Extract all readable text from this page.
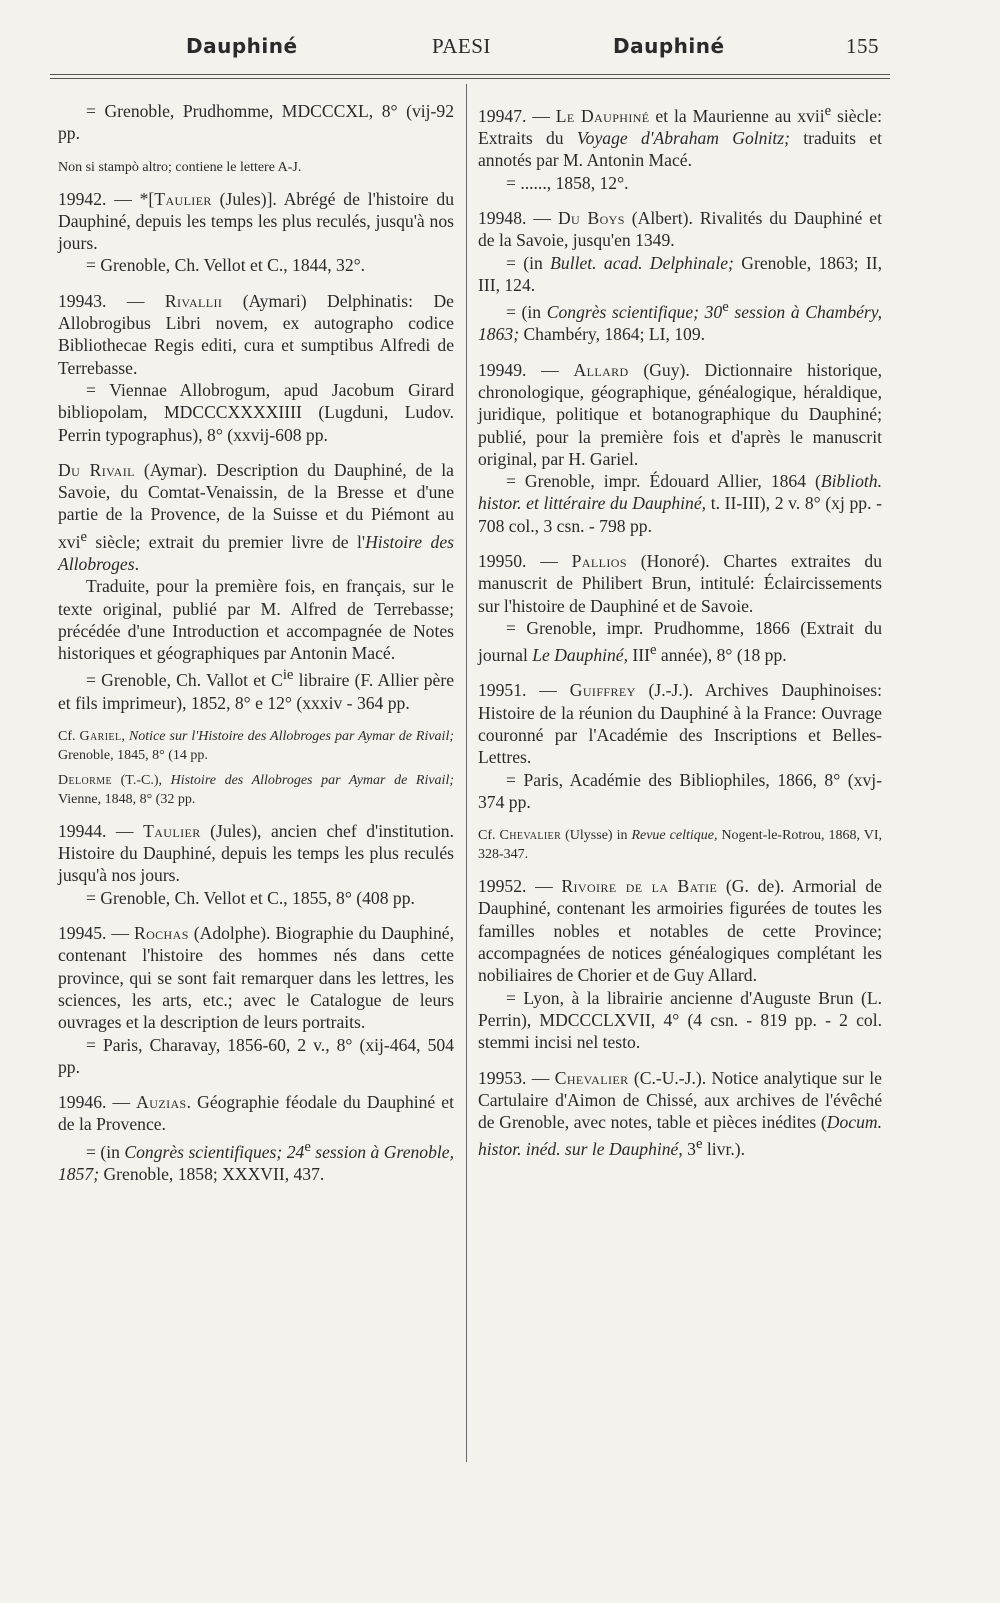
Dauphiné	PAESI	Dauphiné	155

= Grenoble, Prudhomme, MDCCCXL, 8° (vij-92 pp.

Non si stampò altro; contiene le lettere A-J.

19942. — *[Taulier (Jules)]. Abrégé de l'histoire du Dauphiné, depuis les temps les plus reculés, jusqu'à nos jours.

= Grenoble, Ch. Vellot et C., 1844, 32°.

19943. — Rivallii (Aymari) Delphinatis: De Allobrogibus Libri novem, ex autographo codice Bibliothecae Regis editi, cura et sumptibus Alfredi de Terrebasse.

= Viennae Allobrogum, apud Jacobum Girard bibliopolam, MDCCCXXXXIIII (Lugduni, Ludov. Perrin typographus), 8° (xxvij-608 pp.

Du Rivail (Aymar). Description du Dauphiné, de la Savoie, du Comtat-Venaissin, de la Bresse et d'une partie de la Provence, de la Suisse et du Piémont au xvi$^e$ siècle; extrait du premier livre de l'Histoire des Allobroges.

Traduite, pour la première fois, en français, sur le texte original, publié par M. Alfred de Terrebasse; précédée d'une Introduction et accompagnée de Notes historiques et géographiques par Antonin Macé.

= Grenoble, Ch. Vallot et $C^{ie}$ libraire (F. Allier père et fils imprimeur), 1852, 8° e 12° (xxxiv - 364 pp.

Cf. Gariel, Notice sur l'Histoire des Allobroges par Aymar de Rivail; Grenoble, 1845, 8° (14 pp.

Delorme (T.-C.), Histoire des Allobroges par Aymar de Rivail; Vienne, 1848, 8° (32 pp.

19944. — Taulier (Jules), ancien chef d'institution. Histoire du Dauphiné, depuis les temps les plus reculés jusqu'à nos jours.

= Grenoble, Ch. Vellot et C., 1855, 8° (408 pp.

19945. — Rochas (Adolphe). Biographie du Dauphiné, contenant l'histoire des hommes nés dans cette province, qui se sont fait remarquer dans les lettres, les sciences, les arts, etc.; avec le Catalogue de leurs ouvrages et la description de leurs portraits.

= Paris, Charavay, 1856-60, 2 v., 8° (xij-464, 504 pp.

19946. — Auzias. Géographie féodale du Dauphiné et de la Provence.

= (in Congrès scientifiques; 24e session à Grenoble, 1857; Grenoble, 1858; XXXVII, 437.

19947. — Le Dauphiné et la Maurienne au xvii$^e$ siècle: Extraits du Voyage d'Abraham Golnitz; traduits et annotés par M. Antonin Macé.

= ......, 1858, 12°.

19948. — Du Boys (Albert). Rivalités du Dauphiné et de la Savoie, jusqu'en 1349.

= (in Bullet. acad. Delphinale; Grenoble, 1863; II, III, 124.

= (in Congrès scientifique; 30e session à Chambéry, 1863; Chambéry, 1864; LI, 109.

19949. — Allard (Guy). Dictionnaire historique, chronologique, géographique, généalogique, héraldique, juridique, politique et botanographique du Dauphiné; publié, pour la première fois et d'après le manuscrit original, par H. Gariel.

= Grenoble, impr. Édouard Allier, 1864 (Biblioth. histor. et littéraire du Dauphiné, t. II-III), 2 v. 8° (xj pp. - 708 col., 3 csn. - 798 pp.

19950. — Pallios (Honoré). Chartes extraites du manuscrit de Philibert Brun, intitulé: Éclaircissements sur l'histoire de Dauphiné et de Savoie.

= Grenoble, impr. Prudhomme, 1866 (Extrait du journal Le Dauphiné, IIIe année), 8° (18 pp.

19951. — Guiffrey (J.-J.). Archives Dauphinoises: Histoire de la réunion du Dauphiné à la France: Ouvrage couronné par l'Académie des Inscriptions et Belles-Lettres.

= Paris, Académie des Bibliophiles, 1866, 8° (xvj-374 pp.

Cf. Chevalier (Ulysse) in Revue celtique, Nogent-le-Rotrou, 1868, VI, 328-347.

19952. — Rivoire de la Batie (G. de). Armorial de Dauphiné, contenant les armoiries figurées de toutes les familles nobles et notables de cette Province; accompagnées de notices généalogiques complétant les nobiliaires de Chorier et de Guy Allard.

= Lyon, à la librairie ancienne d'Auguste Brun (L. Perrin), MDCCCLXVII, 4° (4 csn. - 819 pp. - 2 col. stemmi incisi nel testo.

19953. — Chevalier (C.-U.-J.). Notice analytique sur le Cartulaire d'Aimon de Chissé, aux archives de l'évêché de Grenoble, avec notes, table et pièces inédites (Docum. histor. inéd. sur le Dauphiné, 3e livr.).
